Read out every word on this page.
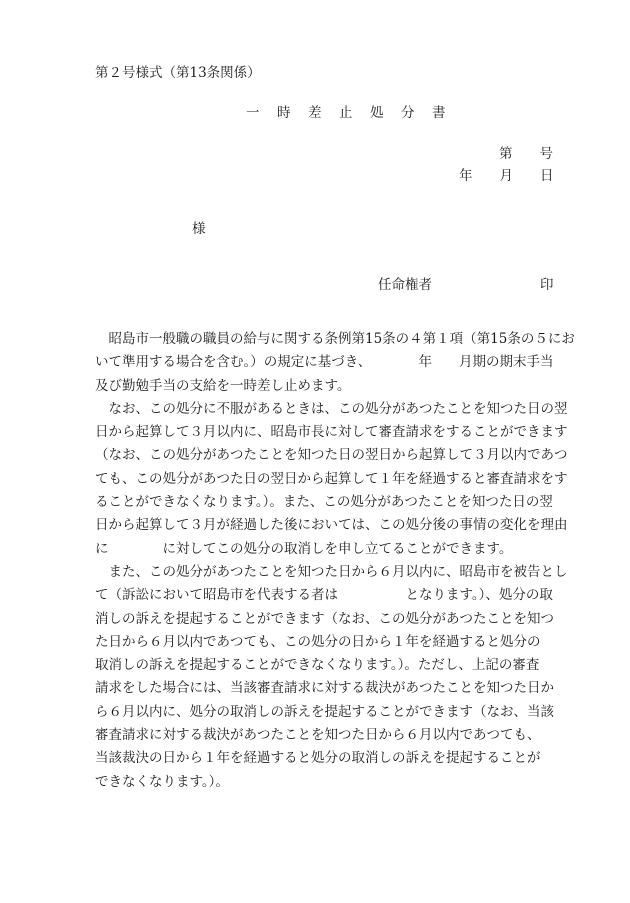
第２号様式（第13条関係）
一　時　差　止　処　分　書
第　　号
年　　月　　日
様
任命権者	印
　昭島市一般職の職員の給与に関する条例第15条の４第１項（第15条の５にお
いて準用する場合を含む。）の規定に基づき、　　　　年　　月期の期末手当
及び勤勉手当の支給を一時差し止めます。
　なお、この処分に不服があるときは、この処分があつたことを知つた日の翌
日から起算して３月以内に、昭島市長に対して審査請求をすることができます
（なお、この処分があつたことを知つた日の翌日から起算して３月以内であつ
ても、この処分があつた日の翌日から起算して１年を経過すると審査請求をす
ることができなくなります。）。また、この処分があつたことを知つた日の翌
日から起算して３月が経過した後においては、この処分後の事情の変化を理由
に　　　　に対してこの処分の取消しを申し立てることができます。
　また、この処分があつたことを知つた日から６月以内に、昭島市を被告とし
て（訴訟において昭島市を代表する者は　　　　　となります。）、処分の取
消しの訴えを提起することができます（なお、この処分があつたことを知つ
た日から６月以内であつても、この処分の日から１年を経過すると処分の
取消しの訴えを提起することができなくなります。）。ただし、上記の審査
請求をした場合には、当該審査請求に対する裁決があつたことを知つた日か
ら６月以内に、処分の取消しの訴えを提起することができます（なお、当該
審査請求に対する裁決があつたことを知つた日から６月以内であつても、
当該裁決の日から１年を経過すると処分の取消しの訴えを提起することが
できなくなります。）。
